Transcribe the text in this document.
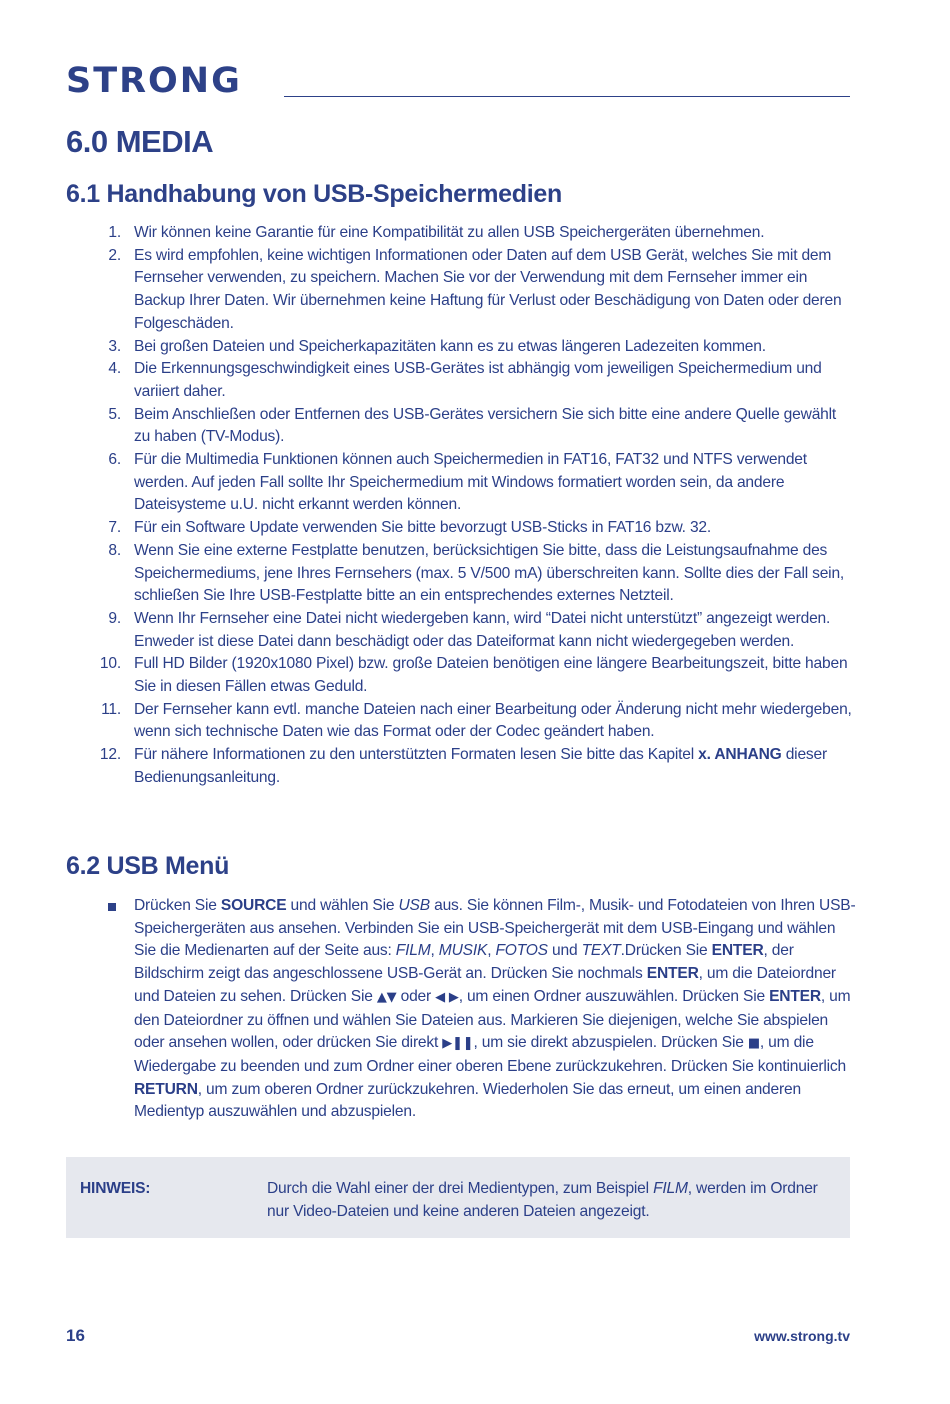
STRONG
6.0 MEDIA
6.1 Handhabung von USB-Speichermedien
1. Wir können keine Garantie für eine Kompatibilität zu allen USB Speichergeräten übernehmen.
2. Es wird empfohlen, keine wichtigen Informationen oder Daten auf dem USB Gerät, welches Sie mit dem Fernseher verwenden, zu speichern. Machen Sie vor der Verwendung mit dem Fernseher immer ein Backup Ihrer Daten. Wir übernehmen keine Haftung für Verlust oder Beschädigung von Daten oder deren Folgeschäden.
3. Bei großen Dateien und Speicherkapazitäten kann es zu etwas längeren Ladezeiten kommen.
4. Die Erkennungsgeschwindigkeit eines USB-Gerätes ist abhängig vom jeweiligen Speichermedium und variiert daher.
5. Beim Anschließen oder Entfernen des USB-Gerätes versichern Sie sich bitte eine andere Quelle gewählt zu haben (TV-Modus).
6. Für die Multimedia Funktionen können auch Speichermedien in FAT16, FAT32 und NTFS verwendet werden. Auf jeden Fall sollte Ihr Speichermedium mit Windows formatiert worden sein, da andere Dateisysteme u.U. nicht erkannt werden können.
7. Für ein Software Update verwenden Sie bitte bevorzugt USB-Sticks in FAT16 bzw. 32.
8. Wenn Sie eine externe Festplatte benutzen, berücksichtigen Sie bitte, dass die Leistungsaufnahme des Speichermediums, jene Ihres Fernsehers (max. 5 V/500 mA) überschreiten kann. Sollte dies der Fall sein, schließen Sie Ihre USB-Festplatte bitte an ein entsprechendes externes Netzteil.
9. Wenn Ihr Fernseher eine Datei nicht wiedergeben kann, wird “Datei nicht unterstützt” angezeigt werden. Enweder ist diese Datei dann beschädigt oder das Dateiformat kann nicht wiedergegeben werden.
10. Full HD Bilder (1920x1080 Pixel) bzw. große Dateien benötigen eine längere Bearbeitungszeit, bitte haben Sie in diesen Fällen etwas Geduld.
11. Der Fernseher kann evtl. manche Dateien nach einer Bearbeitung oder Änderung nicht mehr wiedergeben, wenn sich technische Daten wie das Format oder der Codec geändert haben.
12. Für nähere Informationen zu den unterstützten Formaten lesen Sie bitte das Kapitel x. ANHANG dieser Bedienungsanleitung.
6.2 USB Menü
Drücken Sie SOURCE und wählen Sie USB aus. Sie können Film-, Musik- und Fotodateien von Ihren USB-Speichergeräten aus ansehen. Verbinden Sie ein USB-Speichergerät mit dem USB-Eingang und wählen Sie die Medienarten auf der Seite aus: FILM, MUSIK, FOTOS und TEXT.Drücken Sie ENTER, der Bildschirm zeigt das angeschlossene USB-Gerät an. Drücken Sie nochmals ENTER, um die Dateiordner und Dateien zu sehen. Drücken Sie ▲▼ oder ◀ ▶, um einen Ordner auszuwählen. Drücken Sie ENTER, um den Dateiordner zu öffnen und wählen Sie Dateien aus. Markieren Sie diejenigen, welche Sie abspielen oder ansehen wollen, oder drücken Sie direkt ▶❚❚, um sie direkt abzuspielen. Drücken Sie ■, um die Wiedergabe zu beenden und zum Ordner einer oberen Ebene zurückzukehren. Drücken Sie kontinuierlich RETURN, um zum oberen Ordner zurückzukehren. Wiederholen Sie das erneut, um einen anderen Medientyp auszuwählen und abzuspielen.
HINWEIS:	Durch die Wahl einer der drei Medientypen, zum Beispiel FILM, werden im Ordner nur Video-Dateien und keine anderen Dateien angezeigt.
16	www.strong.tv
